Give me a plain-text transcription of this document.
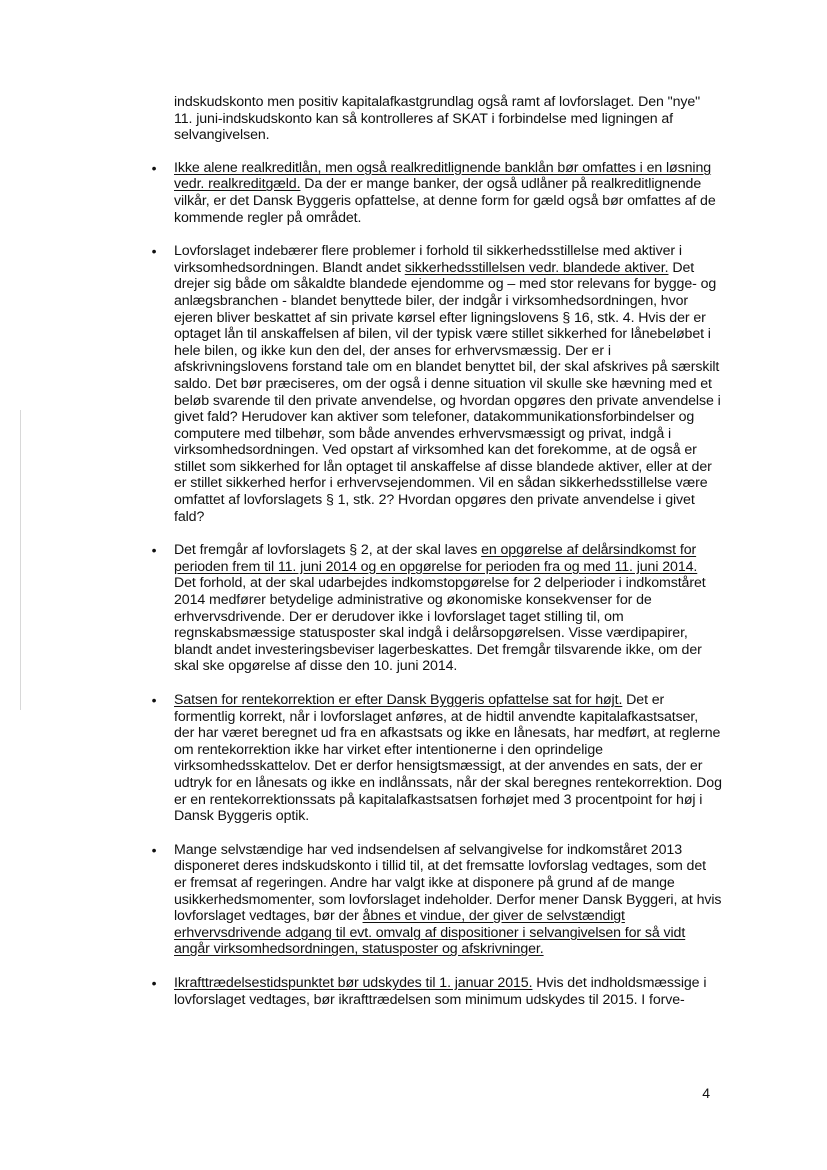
indskudskonto men positiv kapitalafkastgrundlag også ramt af lovforslaget. Den "nye" 11. juni-indskudskonto kan så kontrolleres af SKAT i forbindelse med ligningen af selvangivelsen.

• Ikke alene realkreditlån, men også realkreditlignende banklån bør omfattes i en løsning vedr. realkreditgæld. Da der er mange banker, der også udlåner på realkreditlignende vilkår, er det Dansk Byggeris opfattelse, at denne form for gæld også bør omfattes af de kommende regler på området.

• Lovforslaget indebærer flere problemer i forhold til sikkerhedsstillelse med aktiver i virksomhedsordningen. Blandt andet sikkerhedsstillelsen vedr. blandede aktiver. Det drejer sig både om såkaldte blandede ejendomme og – med stor relevans for bygge- og anlægsbranchen - blandet benyttede biler, der indgår i virksomhedsordningen, hvor ejeren bliver beskattet af sin private kørsel efter ligningslovens § 16, stk. 4. Hvis der er optaget lån til anskaffelsen af bilen, vil der typisk være stillet sikkerhed for lånebeløbet i hele bilen, og ikke kun den del, der anses for erhvervsmæssig. Der er i afskrivningslovens forstand tale om en blandet benyttet bil, der skal afskrives på særskilt saldo. Det bør præciseres, om der også i denne situation vil skulle ske hævning med et beløb svarende til den private anvendelse, og hvordan opgøres den private anvendelse i givet fald? Herudover kan aktiver som telefoner, datakommunikationsforbindelser og computere med tilbehør, som både anvendes erhvervsmæssigt og privat, indgå i virksomhedsordningen. Ved opstart af virksomhed kan det forekomme, at de også er stillet som sikkerhed for lån optaget til anskaffelse af disse blandede aktiver, eller at der er stillet sikkerhed herfor i erhvervsejendommen. Vil en sådan sikkerhedsstillelse være omfattet af lovforslagets § 1, stk. 2? Hvordan opgøres den private anvendelse i givet fald?

• Det fremgår af lovforslagets § 2, at der skal laves en opgørelse af delårsindkomst for perioden frem til 11. juni 2014 og en opgørelse for perioden fra og med 11. juni 2014. Det forhold, at der skal udarbejdes indkomstopgørelse for 2 delperioder i indkomståret 2014 medfører betydelige administrative og økonomiske konsekvenser for de erhvervsdrivende. Der er derudover ikke i lovforslaget taget stilling til, om regnskabsmæssige statusposter skal indgå i delårsopgørelsen. Visse værdipapirer, blandt andet investeringsbeviser lagerbeskattes. Det fremgår tilsvarende ikke, om der skal ske opgørelse af disse den 10. juni 2014.

• Satsen for rentekorrektion er efter Dansk Byggeris opfattelse sat for højt. Det er formentlig korrekt, når i lovforslaget anføres, at de hidtil anvendte kapitalafkastsatser, der har været beregnet ud fra en afkastsats og ikke en lånesats, har medført, at reglerne om rentekorrektion ikke har virket efter intentionerne i den oprindelige virksomhedsskattelov. Det er derfor hensigtsmæssigt, at der anvendes en sats, der er udtryk for en lånesats og ikke en indlånssats, når der skal beregnes rentekorrektion. Dog er en rentekorrektionssats på kapitalafkastsatsen forhøjet med 3 procentpoint for høj i Dansk Byggeris optik.

• Mange selvstændige har ved indsendelsen af selvangivelse for indkomståret 2013 disponeret deres indskudskonto i tillid til, at det fremsatte lovforslag vedtages, som det er fremsat af regeringen. Andre har valgt ikke at disponere på grund af de mange usikkerhedsmomenter, som lovforslaget indeholder. Derfor mener Dansk Byggeri, at hvis lovforslaget vedtages, bør der åbnes et vindue, der giver de selvstændigt erhvervsdrivende adgang til evt. omvalg af dispositioner i selvangivelsen for så vidt angår virksomhedsordningen, statusposter og afskrivninger.

• Ikrafttrædelsestidspunktet bør udskydes til 1. januar 2015. Hvis det indholdsmæssige i lovforslaget vedtages, bør ikrafttrædelsen som minimum udskydes til 2015. I forve-

4
